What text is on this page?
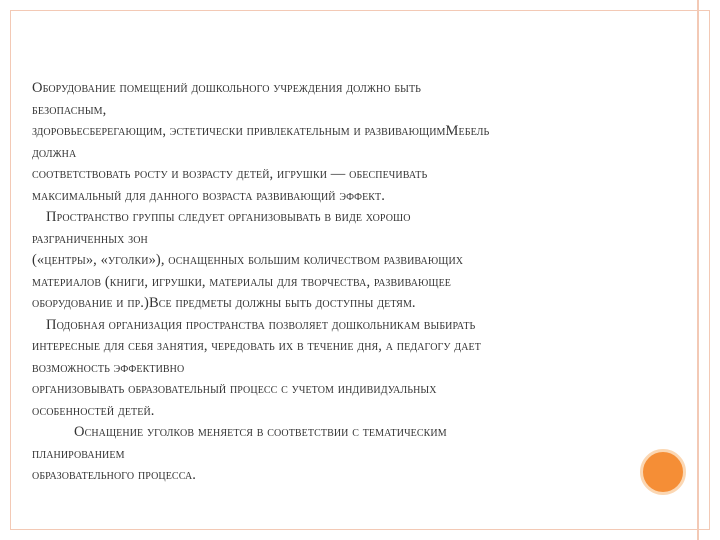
Оборудование помещений дошкольного учреждения должно быть

безопасным,

здоровьесберегающим, эстетически привлекательным и развивающимМебель

должна

соответствовать росту и возрасту детей, игрушки — обеспечивать

максимальный для данного возраста развивающий эффект.

Пространство группы следует организовывать в виде хорошо

разграниченных зон

(«центры», «уголки»), оснащенных большим количеством развивающих

материалов (книги, игрушки, материалы для творчества, развивающее

оборудование и пр.)Все предметы должны быть доступны детям.

Подобная организация пространства позволяет дошкольникам выбирать

интересные для себя занятия, чередовать их в течение дня, а педагогу дает

возможность эффективно

организовывать образовательный процесс с учетом индивидуальных

особенностей детей.

Оснащение уголков меняется в соответствии с тематическим

планированием

образовательного процесса.
